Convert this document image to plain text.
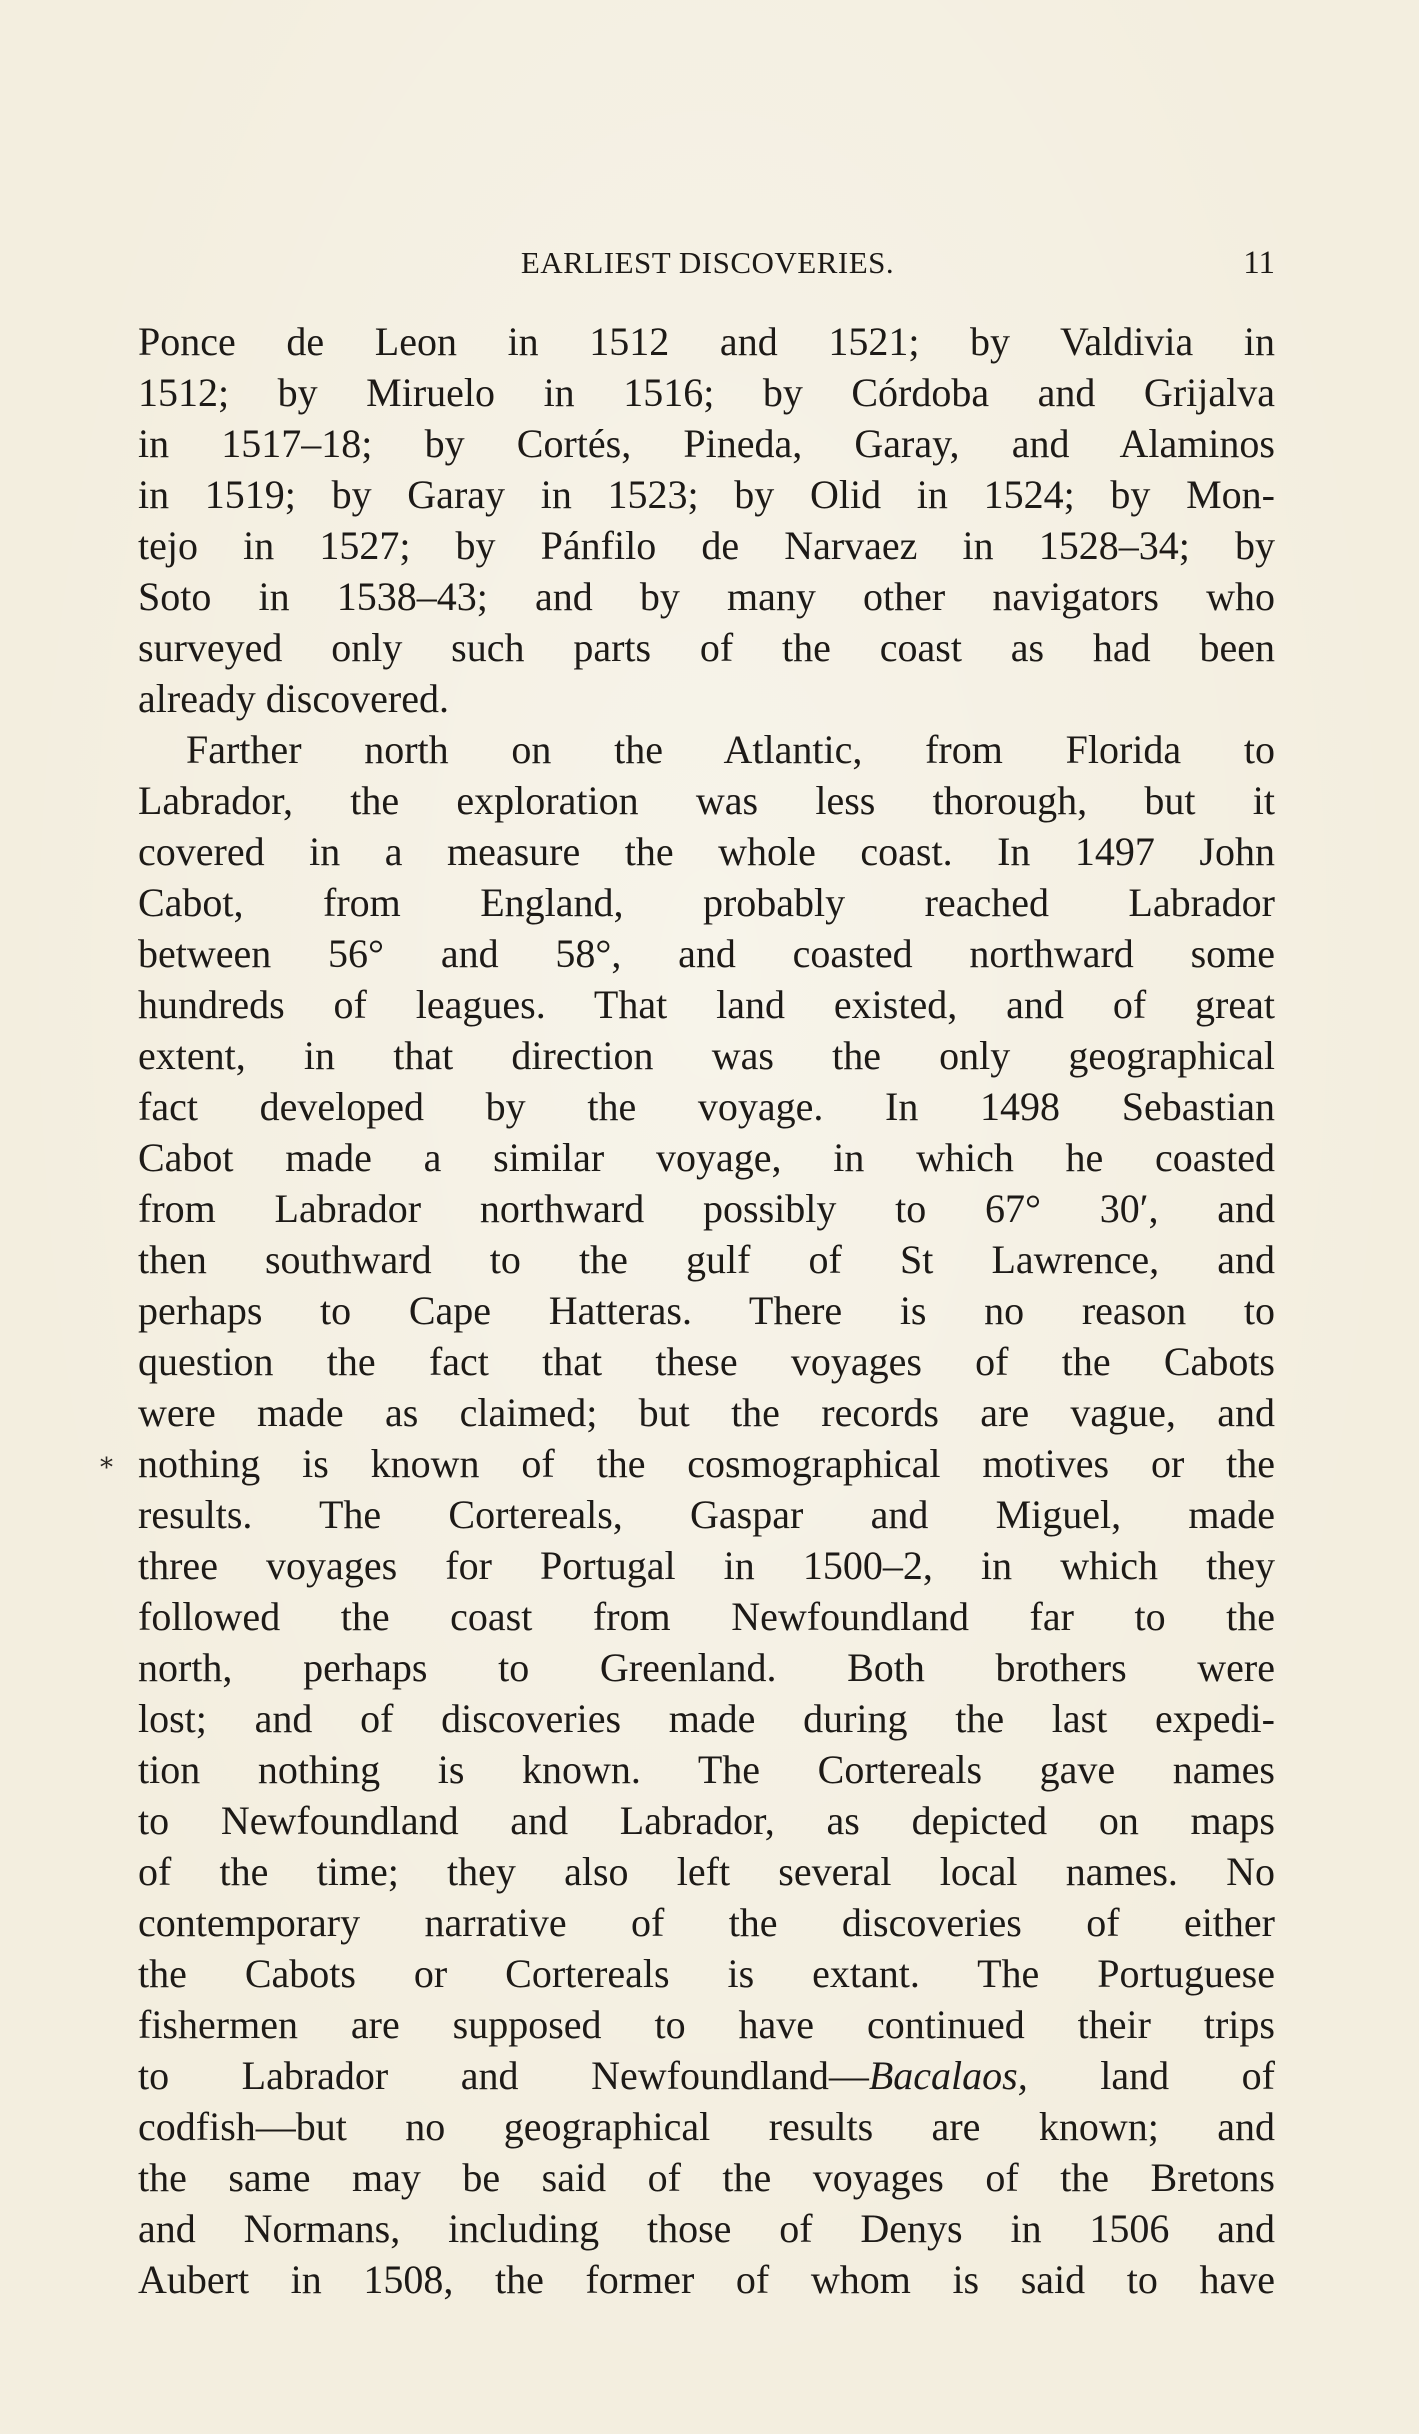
EARLIEST DISCOVERIES.	11
⁎
Ponce de Leon in 1512 and 1521; by Valdivia in
1512; by Miruelo in 1516; by Córdoba and Grijalva
in 1517–18; by Cortés, Pineda, Garay, and Alaminos
in 1519; by Garay in 1523; by Olid in 1524; by Mon-
tejo in 1527; by Pánfilo de Narvaez in 1528–34; by
Soto in 1538–43; and by many other navigators who
surveyed only such parts of the coast as had been
already discovered.
Farther north on the Atlantic, from Florida to
Labrador, the exploration was less thorough, but it
covered in a measure the whole coast. In 1497 John
Cabot, from England, probably reached Labrador
between 56° and 58°, and coasted northward some
hundreds of leagues. That land existed, and of great
extent, in that direction was the only geographical
fact developed by the voyage. In 1498 Sebastian
Cabot made a similar voyage, in which he coasted
from Labrador northward possibly to 67° 30′, and
then southward to the gulf of St Lawrence, and
perhaps to Cape Hatteras. There is no reason to
question the fact that these voyages of the Cabots
were made as claimed; but the records are vague, and
nothing is known of the cosmographical motives or the
results. The Cortereals, Gaspar and Miguel, made
three voyages for Portugal in 1500–2, in which they
followed the coast from Newfoundland far to the
north, perhaps to Greenland. Both brothers were
lost; and of discoveries made during the last expedi-
tion nothing is known. The Cortereals gave names
to Newfoundland and Labrador, as depicted on maps
of the time; they also left several local names. No
contemporary narrative of the discoveries of either
the Cabots or Cortereals is extant. The Portuguese
fishermen are supposed to have continued their trips
to Labrador and Newfoundland—Bacalaos, land of
codfish—but no geographical results are known; and
the same may be said of the voyages of the Bretons
and Normans, including those of Denys in 1506 and
Aubert in 1508, the former of whom is said to have
